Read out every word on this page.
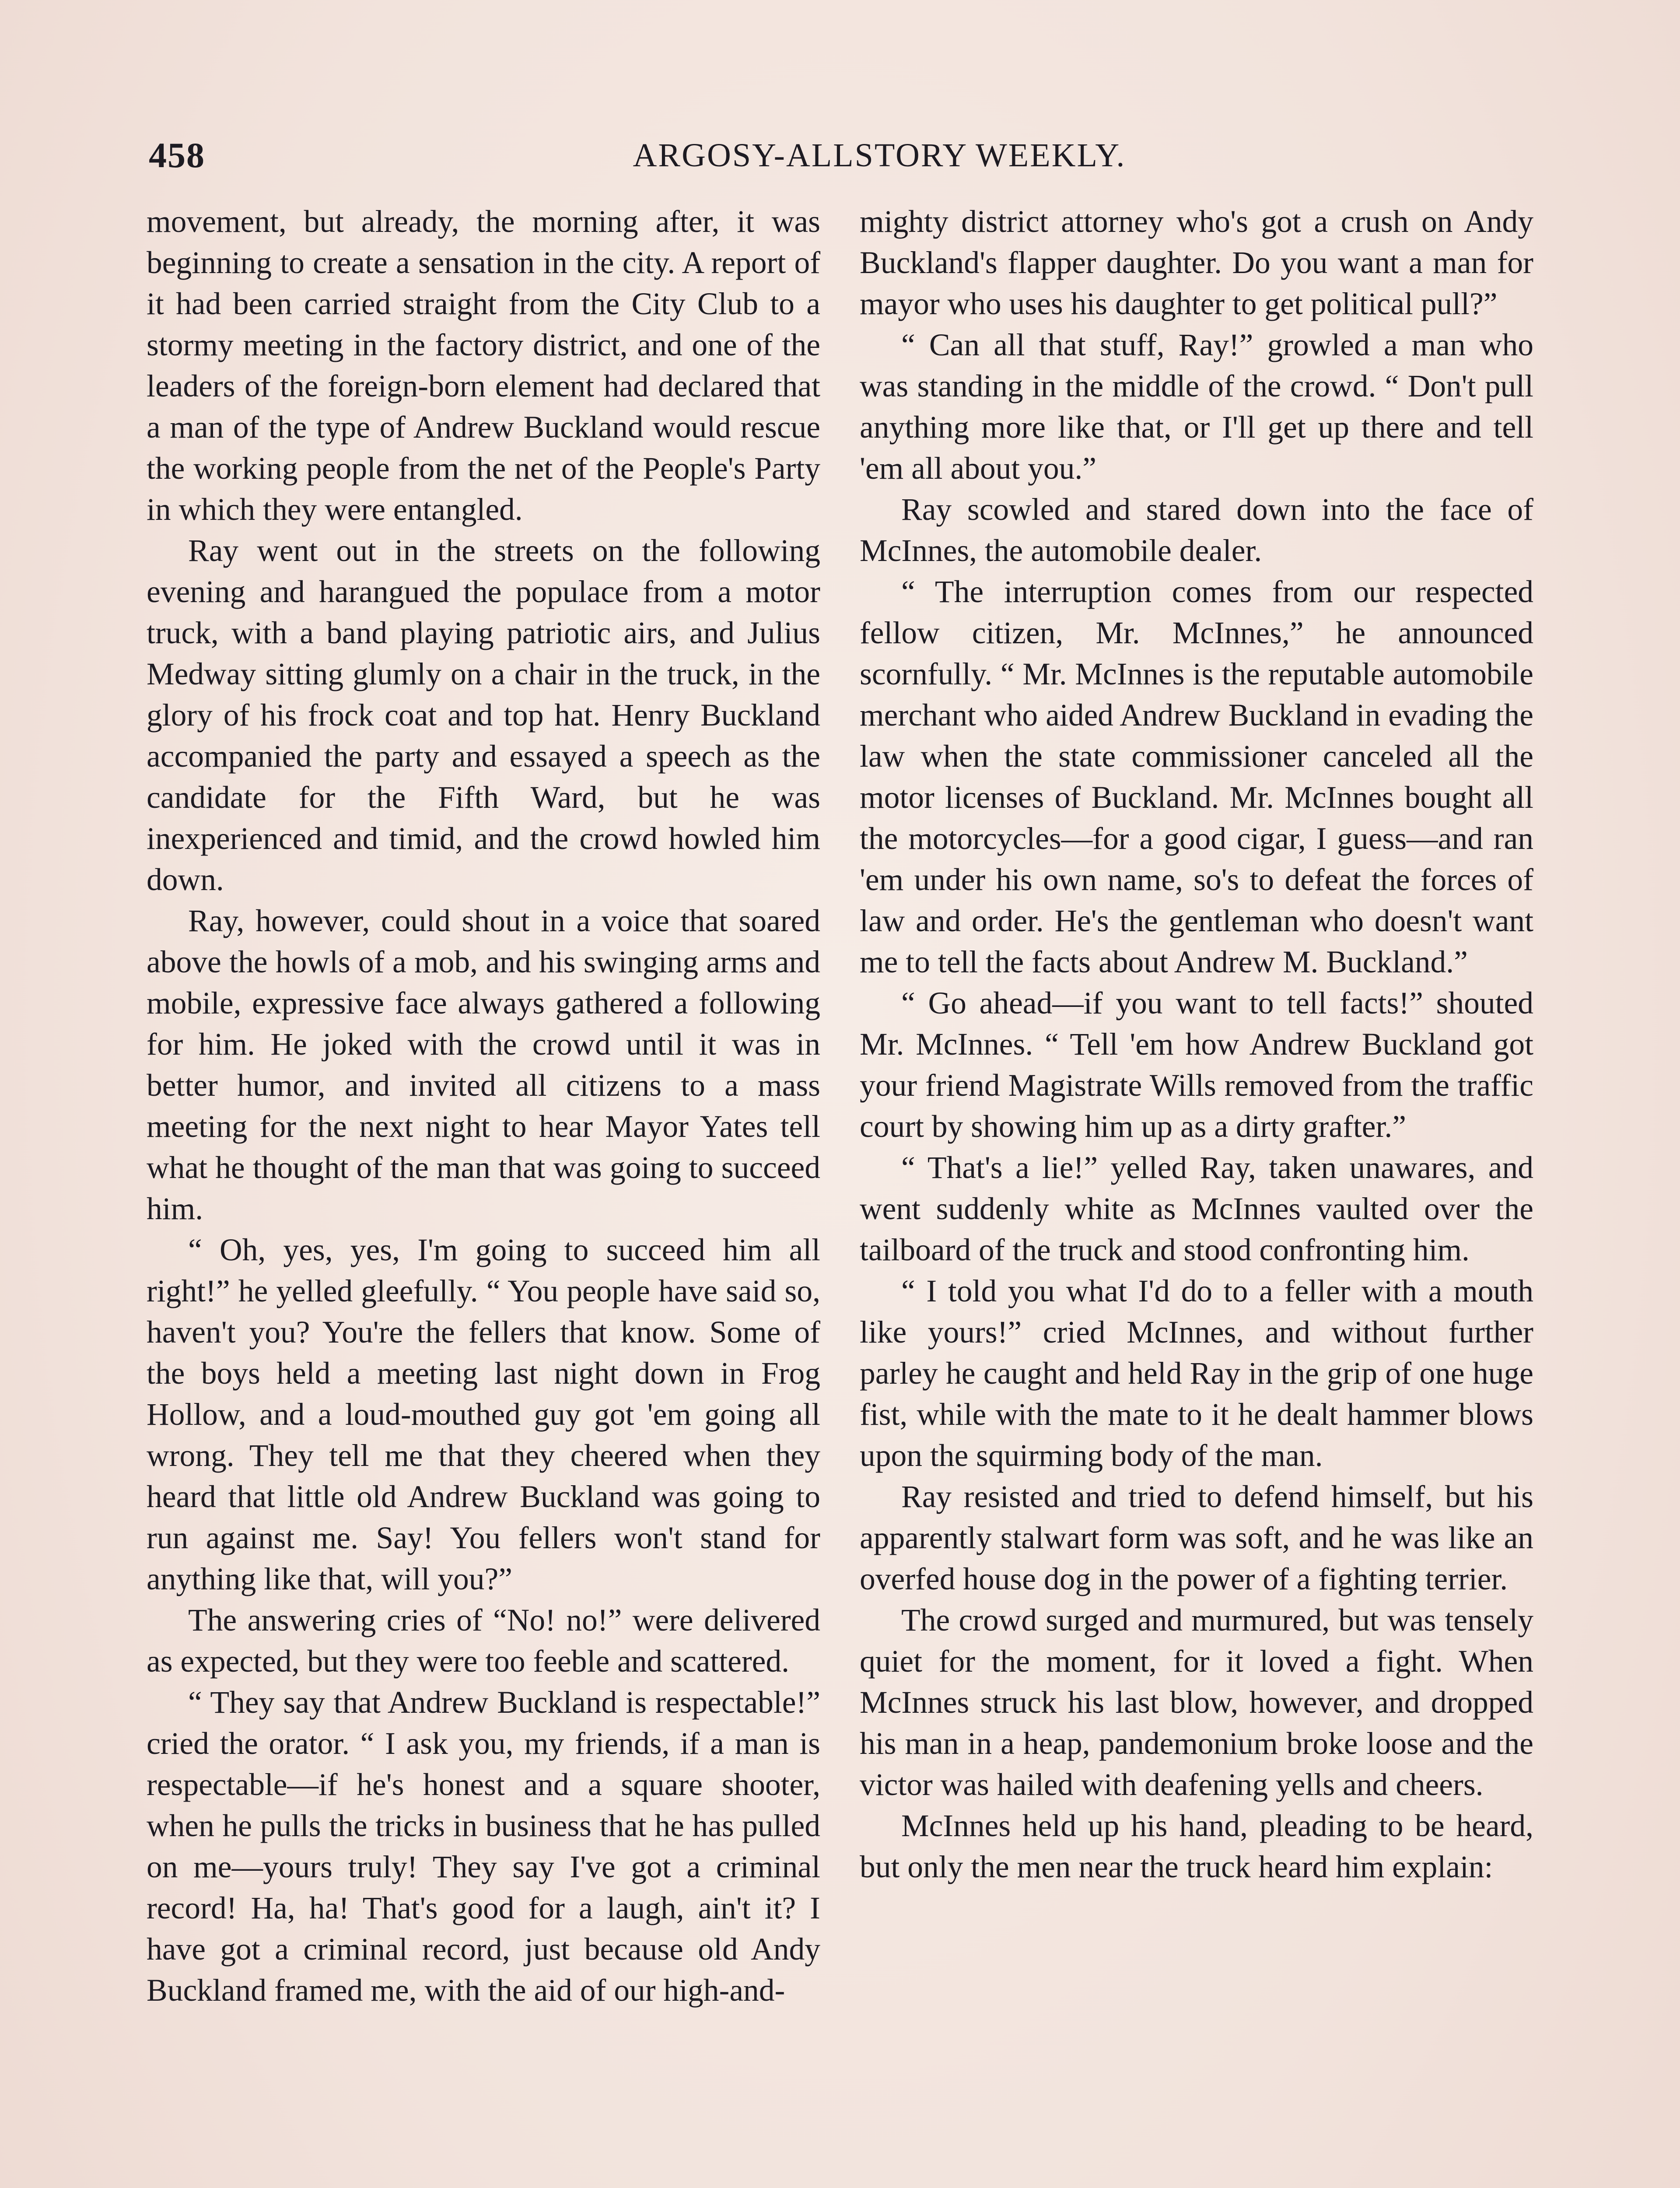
458	ARGOSY-ALLSTORY WEEKLY.

movement, but already, the morning after, it was beginning to create a sensation in the city. A report of it had been carried straight from the City Club to a stormy meeting in the factory district, and one of the leaders of the foreign-born element had declared that a man of the type of Andrew Buckland would rescue the working people from the net of the People's Party in which they were entangled.

Ray went out in the streets on the following evening and harangued the populace from a motor truck, with a band playing patriotic airs, and Julius Medway sitting glumly on a chair in the truck, in the glory of his frock coat and top hat. Henry Buckland accompanied the party and essayed a speech as the candidate for the Fifth Ward, but he was inexperienced and timid, and the crowd howled him down.

Ray, however, could shout in a voice that soared above the howls of a mob, and his swinging arms and mobile, expressive face always gathered a following for him. He joked with the crowd until it was in better humor, and invited all citizens to a mass meeting for the next night to hear Mayor Yates tell what he thought of the man that was going to succeed him.

“ Oh, yes, yes, I'm going to succeed him all right!” he yelled gleefully. “ You people have said so, haven't you? You're the fellers that know. Some of the boys held a meeting last night down in Frog Hollow, and a loud-mouthed guy got 'em going all wrong. They tell me that they cheered when they heard that little old Andrew Buckland was going to run against me. Say! You fellers won't stand for anything like that, will you?”

The answering cries of “No! no!” were delivered as expected, but they were too feeble and scattered.

“ They say that Andrew Buckland is respectable!” cried the orator. “ I ask you, my friends, if a man is respectable—if he's honest and a square shooter, when he pulls the tricks in business that he has pulled on me—yours truly! They say I've got a criminal record! Ha, ha! That's good for a laugh, ain't it? I have got a criminal record, just because old Andy Buckland framed me, with the aid of our high-and-

mighty district attorney who's got a crush on Andy Buckland's flapper daughter. Do you want a man for mayor who uses his daughter to get political pull?”

“ Can all that stuff, Ray!” growled a man who was standing in the middle of the crowd. “ Don't pull anything more like that, or I'll get up there and tell 'em all about you.”

Ray scowled and stared down into the face of McInnes, the automobile dealer.

“ The interruption comes from our respected fellow citizen, Mr. McInnes,” he announced scornfully. “ Mr. McInnes is the reputable automobile merchant who aided Andrew Buckland in evading the law when the state commissioner canceled all the motor licenses of Buckland. Mr. McInnes bought all the motorcycles—for a good cigar, I guess—and ran 'em under his own name, so's to defeat the forces of law and order. He's the gentleman who doesn't want me to tell the facts about Andrew M. Buckland.”

“ Go ahead—if you want to tell facts!” shouted Mr. McInnes. “ Tell 'em how Andrew Buckland got your friend Magistrate Wills removed from the traffic court by showing him up as a dirty grafter.”

“ That's a lie!” yelled Ray, taken unawares, and went suddenly white as McInnes vaulted over the tailboard of the truck and stood confronting him.

“ I told you what I'd do to a feller with a mouth like yours!” cried McInnes, and without further parley he caught and held Ray in the grip of one huge fist, while with the mate to it he dealt hammer blows upon the squirming body of the man.

Ray resisted and tried to defend himself, but his apparently stalwart form was soft, and he was like an overfed house dog in the power of a fighting terrier.

The crowd surged and murmured, but was tensely quiet for the moment, for it loved a fight. When McInnes struck his last blow, however, and dropped his man in a heap, pandemonium broke loose and the victor was hailed with deafening yells and cheers.

McInnes held up his hand, pleading to be heard, but only the men near the truck heard him explain:
